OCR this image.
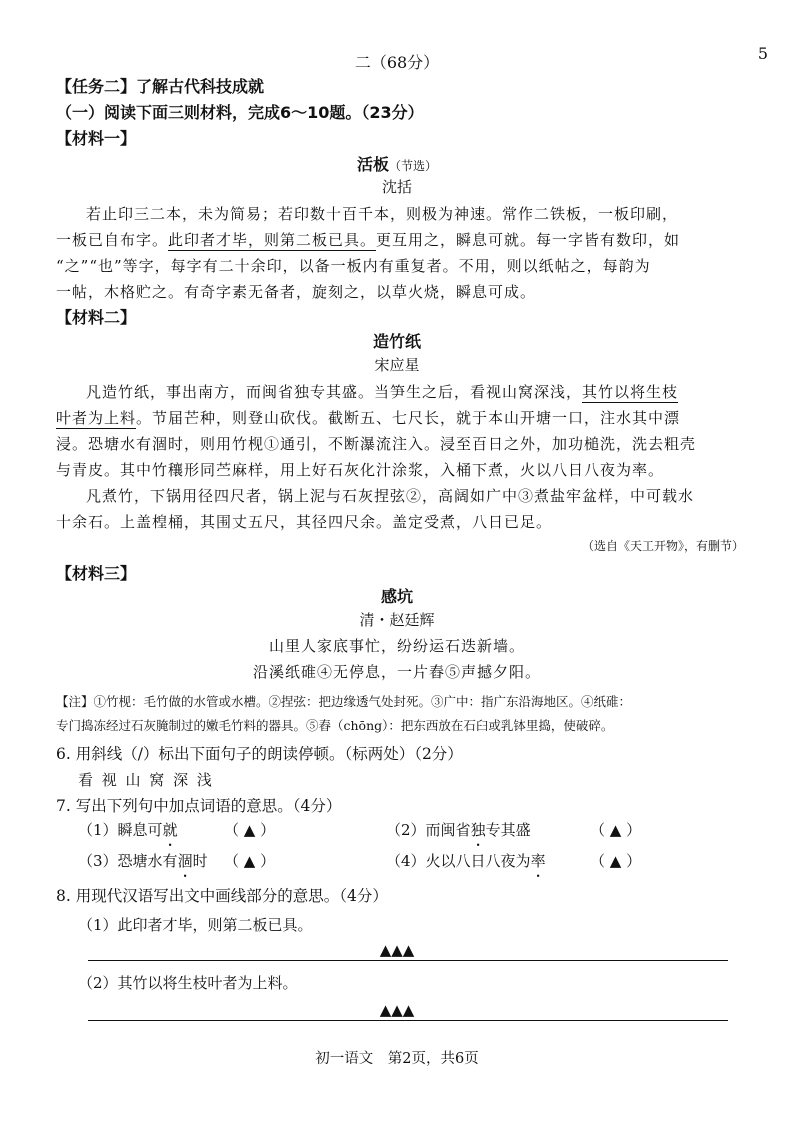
5
二（68分）
【任务二】了解古代科技成就
（一）阅读下面三则材料，完成6～10题。（23分）
【材料一】
活板（节选）
沈括
若止印三二本，未为简易；若印数十百千本，则极为神速。常作二铁板，一板印刷，
一板已自布字。此印者才毕，则第二板已具。更互用之，瞬息可就。每一字皆有数印，如
“之”“也”等字，每字有二十余印，以备一板内有重复者。不用，则以纸帖之，每韵为
一帖，木格贮之。有奇字素无备者，旋刻之，以草火烧，瞬息可成。
【材料二】
造竹纸
宋应星
凡造竹纸，事出南方，而闽省独专其盛。当笋生之后，看视山窝深浅，其竹以将生枝
叶者为上料。节届芒种，则登山砍伐。截断五、七尺长，就于本山开塘一口，注水其中漂
浸。恐塘水有涸时，则用竹枧①通引，不断瀑流注入。浸至百日之外，加功槌洗，洗去粗壳
与青皮。其中竹穰形同苎麻样，用上好石灰化汁涂浆，入桶下煮，火以八日八夜为率。
凡煮竹，下锅用径四尺者，锅上泥与石灰捏弦②，高阔如广中③煮盐牢盆样，中可载水
十余石。上盖楻桶，其围丈五尺，其径四尺余。盖定受煮，八日已足。
（选自《天工开物》，有删节）
【材料三】
感坑
清・赵廷辉
山里人家底事忙，纷纷运石迭新墙。
沿溪纸碓④无停息，一片舂⑤声撼夕阳。
【注】①竹枧：毛竹做的水管或水槽。②捏弦：把边缘透气处封死。③广中：指广东沿海地区。④纸碓：
专门捣冻经过石灰腌制过的嫩毛竹料的器具。⑤舂（chōng）：把东西放在石臼或乳钵里捣，使破碎。
6. 用斜线（/）标出下面句子的朗读停顿。（标两处）（2分）
看 视 山 窝 深 浅
7. 写出下列句中加点词语的意思。（4分）
（1）瞬息可就	（ ▲ ）	（2）而闽省独专其盛	（ ▲ ）
（3）恐塘水有涸时 （ ▲ ）	（4）火以八日八夜为率	（ ▲ ）
8. 用现代汉语写出文中画线部分的意思。（4分）
（1）此印者才毕，则第二板已具。
▲▲▲
（2）其竹以将生枝叶者为上料。
▲▲▲
初一语文　第2页，共6页
